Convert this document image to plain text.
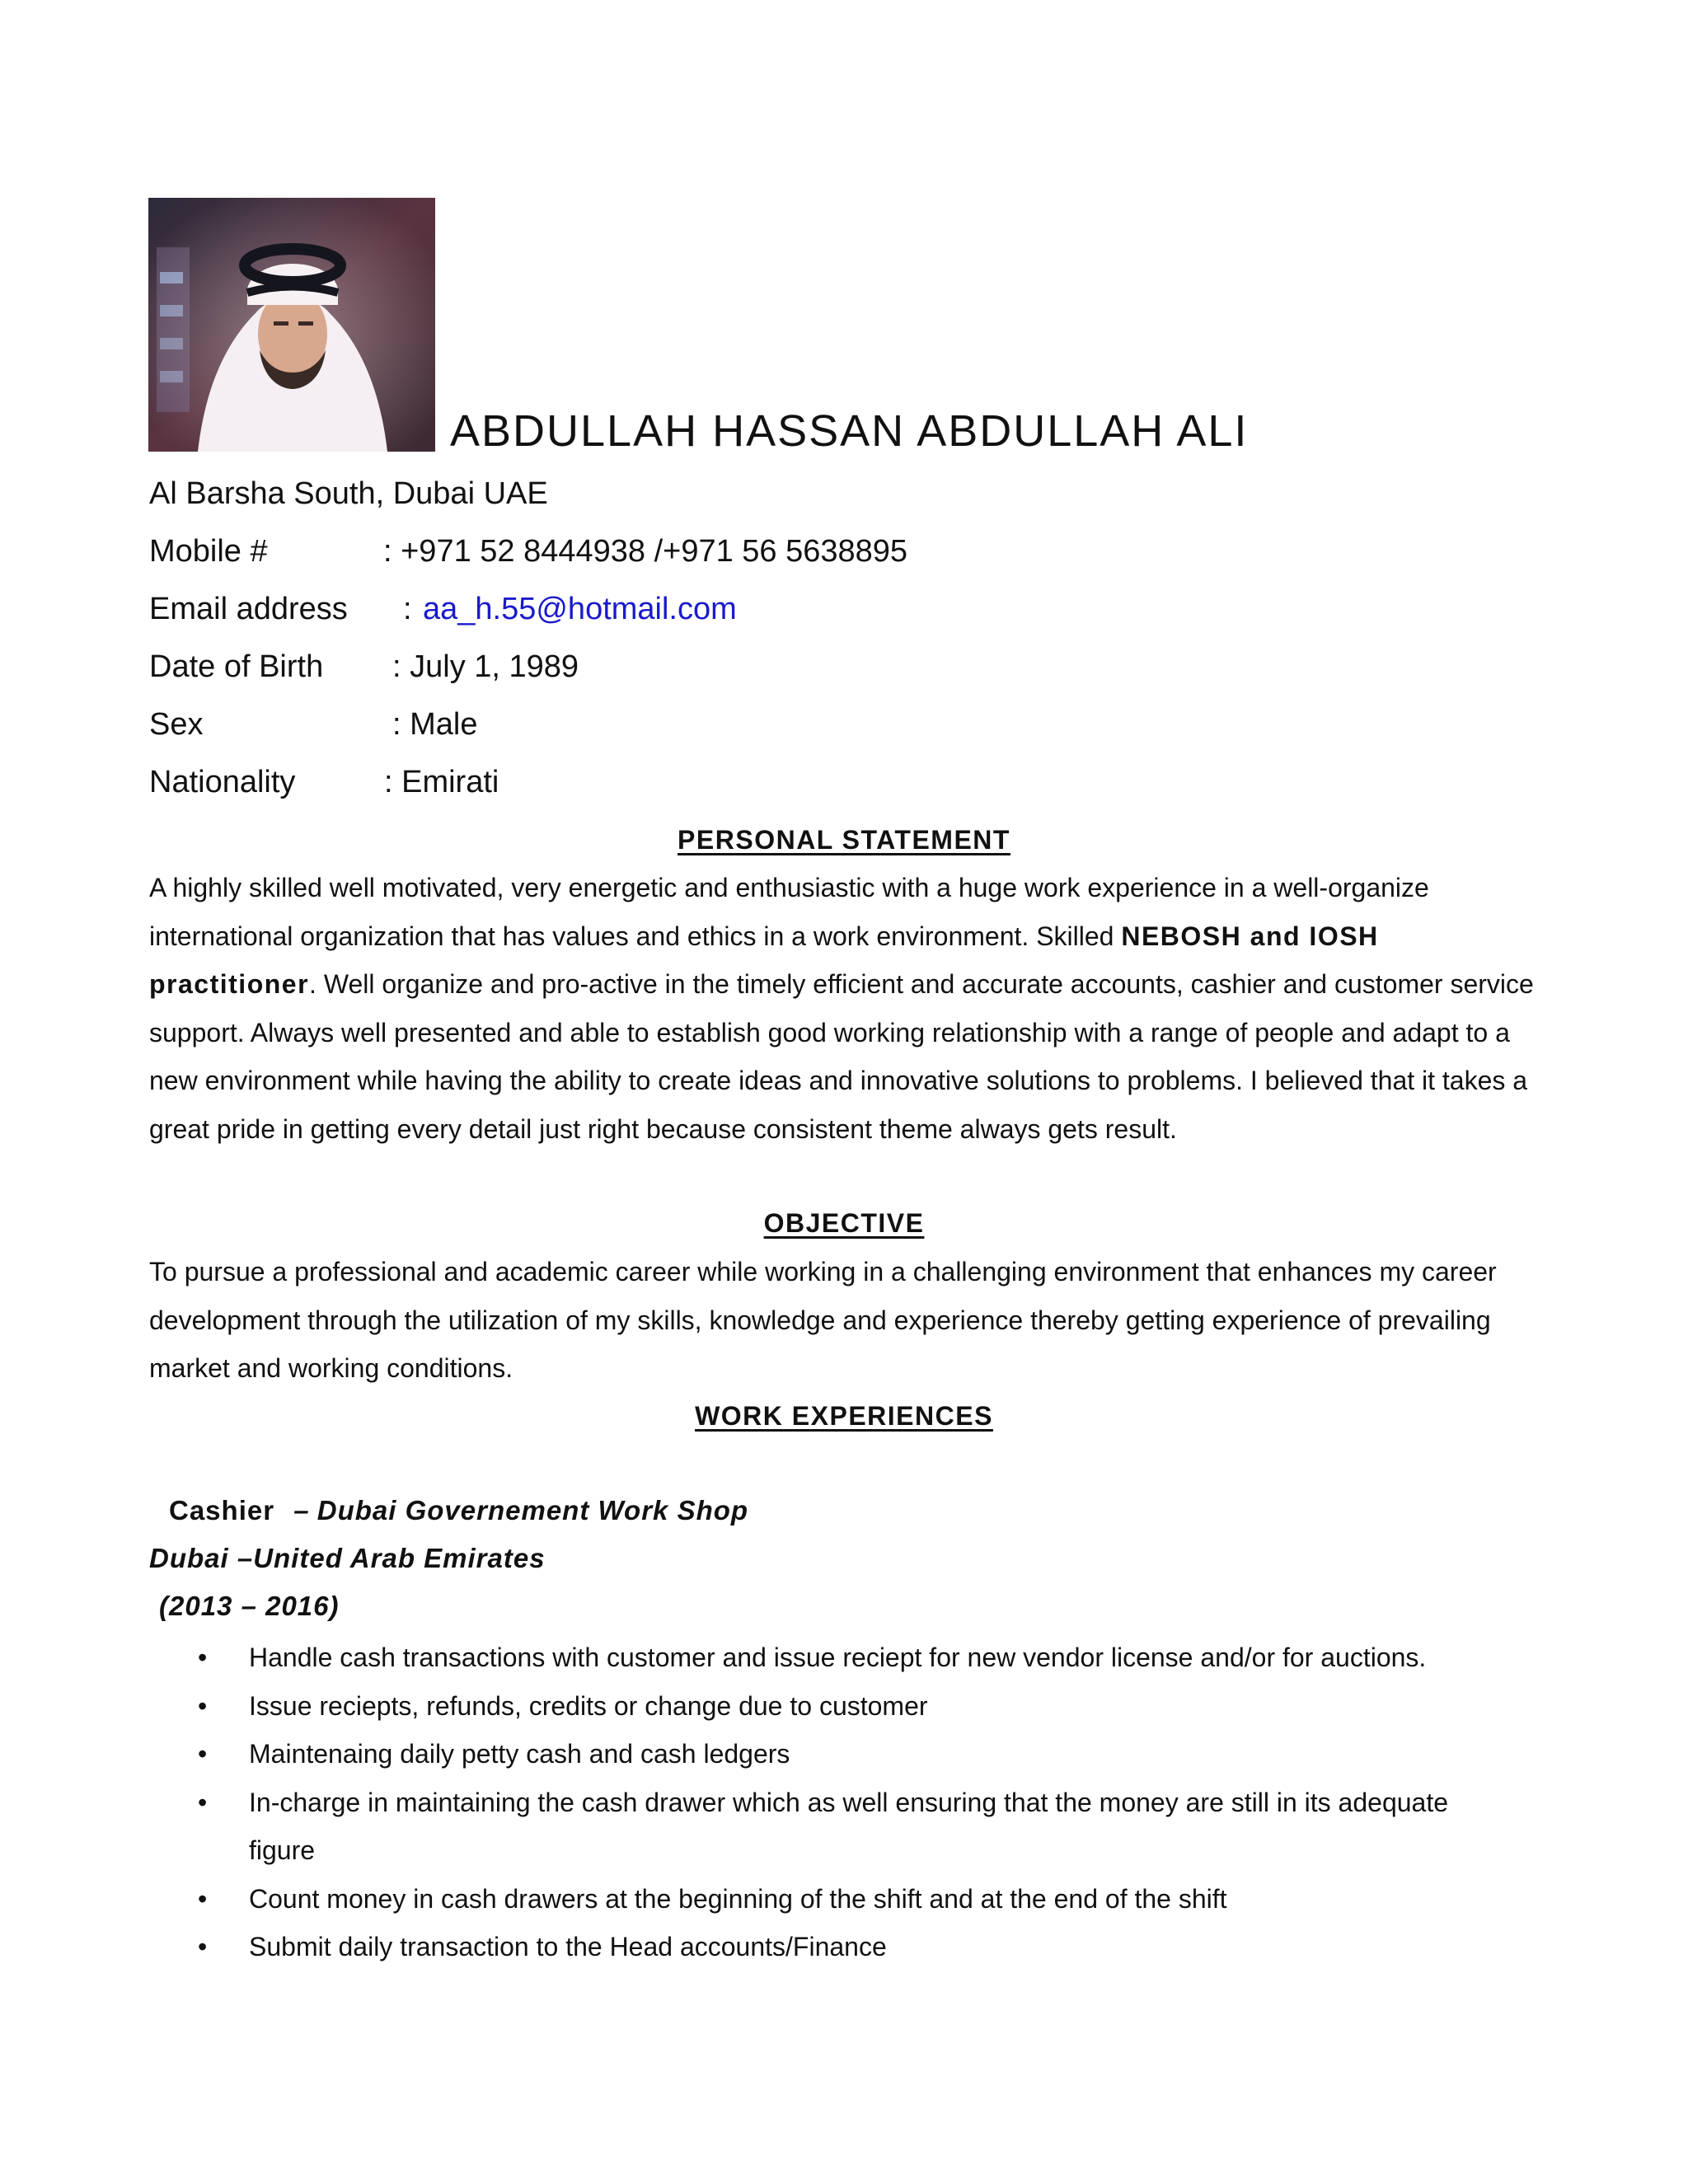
ABDULLAH HASSAN ABDULLAH ALI
Al Barsha South, Dubai UAE
Mobile #	: +971 52 8444938 /+971 56 5638895
Email address : aa_h.55@hotmail.com
Date of Birth : July 1, 1989
Sex	: Male
Nationality	: Emirati
PERSONAL STATEMENT

A highly skilled well motivated, very energetic and enthusiastic with a huge work experience in a well-organize international organization that has values and ethics in a work environment. Skilled NEBOSH and IOSH practitioner. Well organize and pro-active in the timely efficient and accurate accounts, cashier and customer service support. Always well presented and able to establish good working relationship with a range of people and adapt to a new environment while having the ability to create ideas and innovative solutions to problems. I believed that it takes a great pride in getting every detail just right because consistent theme always gets result.

OBJECTIVE

To pursue a professional and academic career while working in a challenging environment that enhances my career development through the utilization of my skills, knowledge and experience thereby getting experience of prevailing market and working conditions.

WORK EXPERIENCES
Cashier – Dubai Governement Work Shop
Dubai –United Arab Emirates
(2013 – 2016)
• Handle cash transactions with customer and issue reciept for new vendor license and/or for auctions.
• Issue reciepts, refunds, credits or change due to customer
• Maintenaing daily petty cash and cash ledgers
• In-charge in maintaining the cash drawer which as well ensuring that the money are still in its adequate figure
• Count money in cash drawers at the beginning of the shift and at the end of the shift
• Submit daily transaction to the Head accounts/Finance
